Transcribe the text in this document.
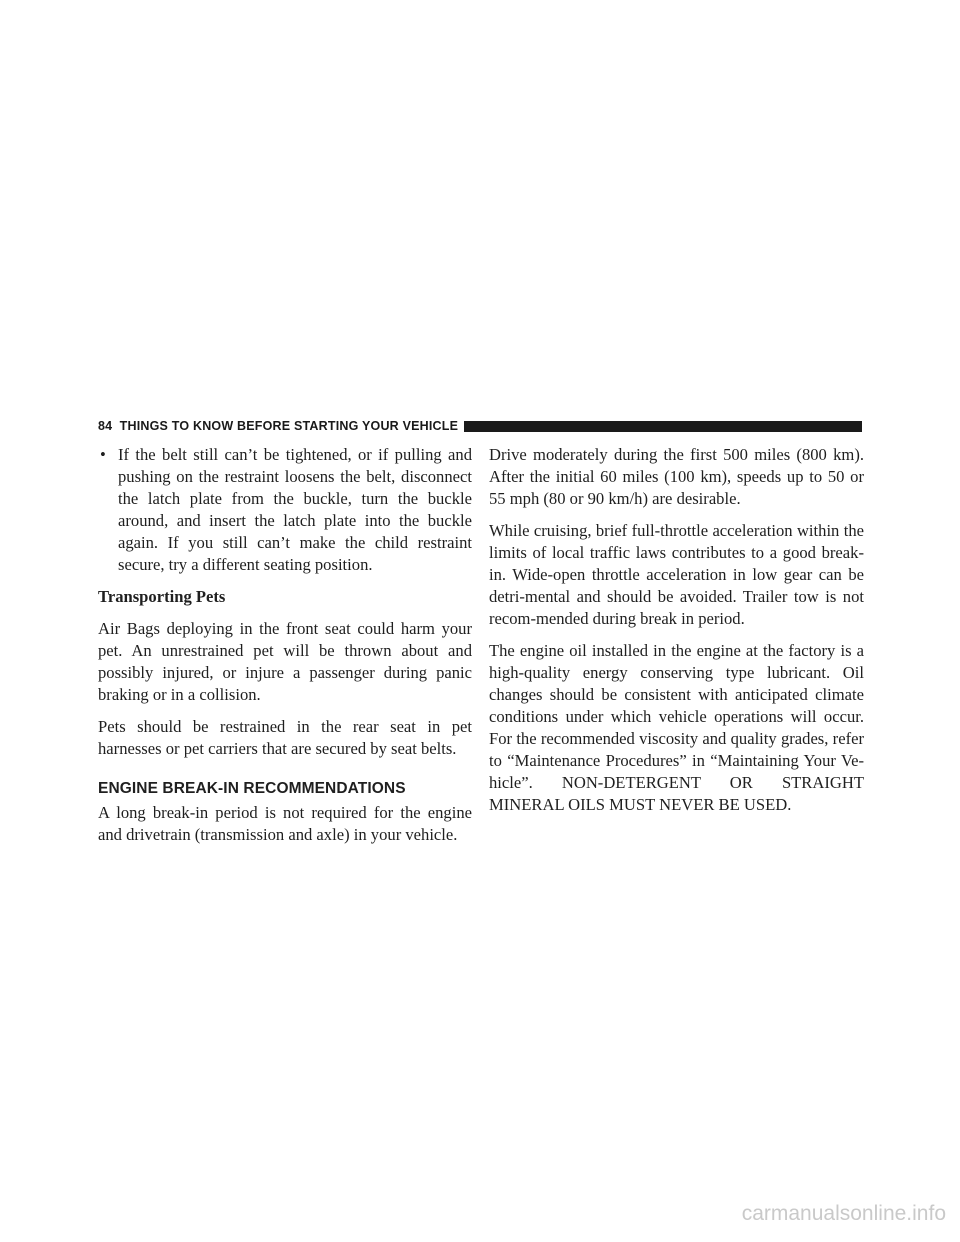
84 THINGS TO KNOW BEFORE STARTING YOUR VEHICLE
• If the belt still can’t be tightened, or if pulling and pushing on the restraint loosens the belt, disconnect the latch plate from the buckle, turn the buckle around, and insert the latch plate into the buckle again. If you still can’t make the child restraint secure, try a different seating position.

Transporting Pets

Air Bags deploying in the front seat could harm your pet. An unrestrained pet will be thrown about and possibly injured, or injure a passenger during panic braking or in a collision.

Pets should be restrained in the rear seat in pet harnesses or pet carriers that are secured by seat belts.

ENGINE BREAK-IN RECOMMENDATIONS

A long break-in period is not required for the engine and drivetrain (transmission and axle) in your vehicle.

Drive moderately during the first 500 miles (800 km). After the initial 60 miles (100 km), speeds up to 50 or 55 mph (80 or 90 km/h) are desirable.

While cruising, brief full-throttle acceleration within the limits of local traffic laws contributes to a good break-in. Wide-open throttle acceleration in low gear can be detri-mental and should be avoided. Trailer tow is not recom-mended during break in period.

The engine oil installed in the engine at the factory is a high-quality energy conserving type lubricant. Oil changes should be consistent with anticipated climate conditions under which vehicle operations will occur. For the recommended viscosity and quality grades, refer to “Maintenance Procedures” in “Maintaining Your Ve-hicle”. NON-DETERGENT OR STRAIGHT MINERAL OILS MUST NEVER BE USED.

carmanualsonline.info
